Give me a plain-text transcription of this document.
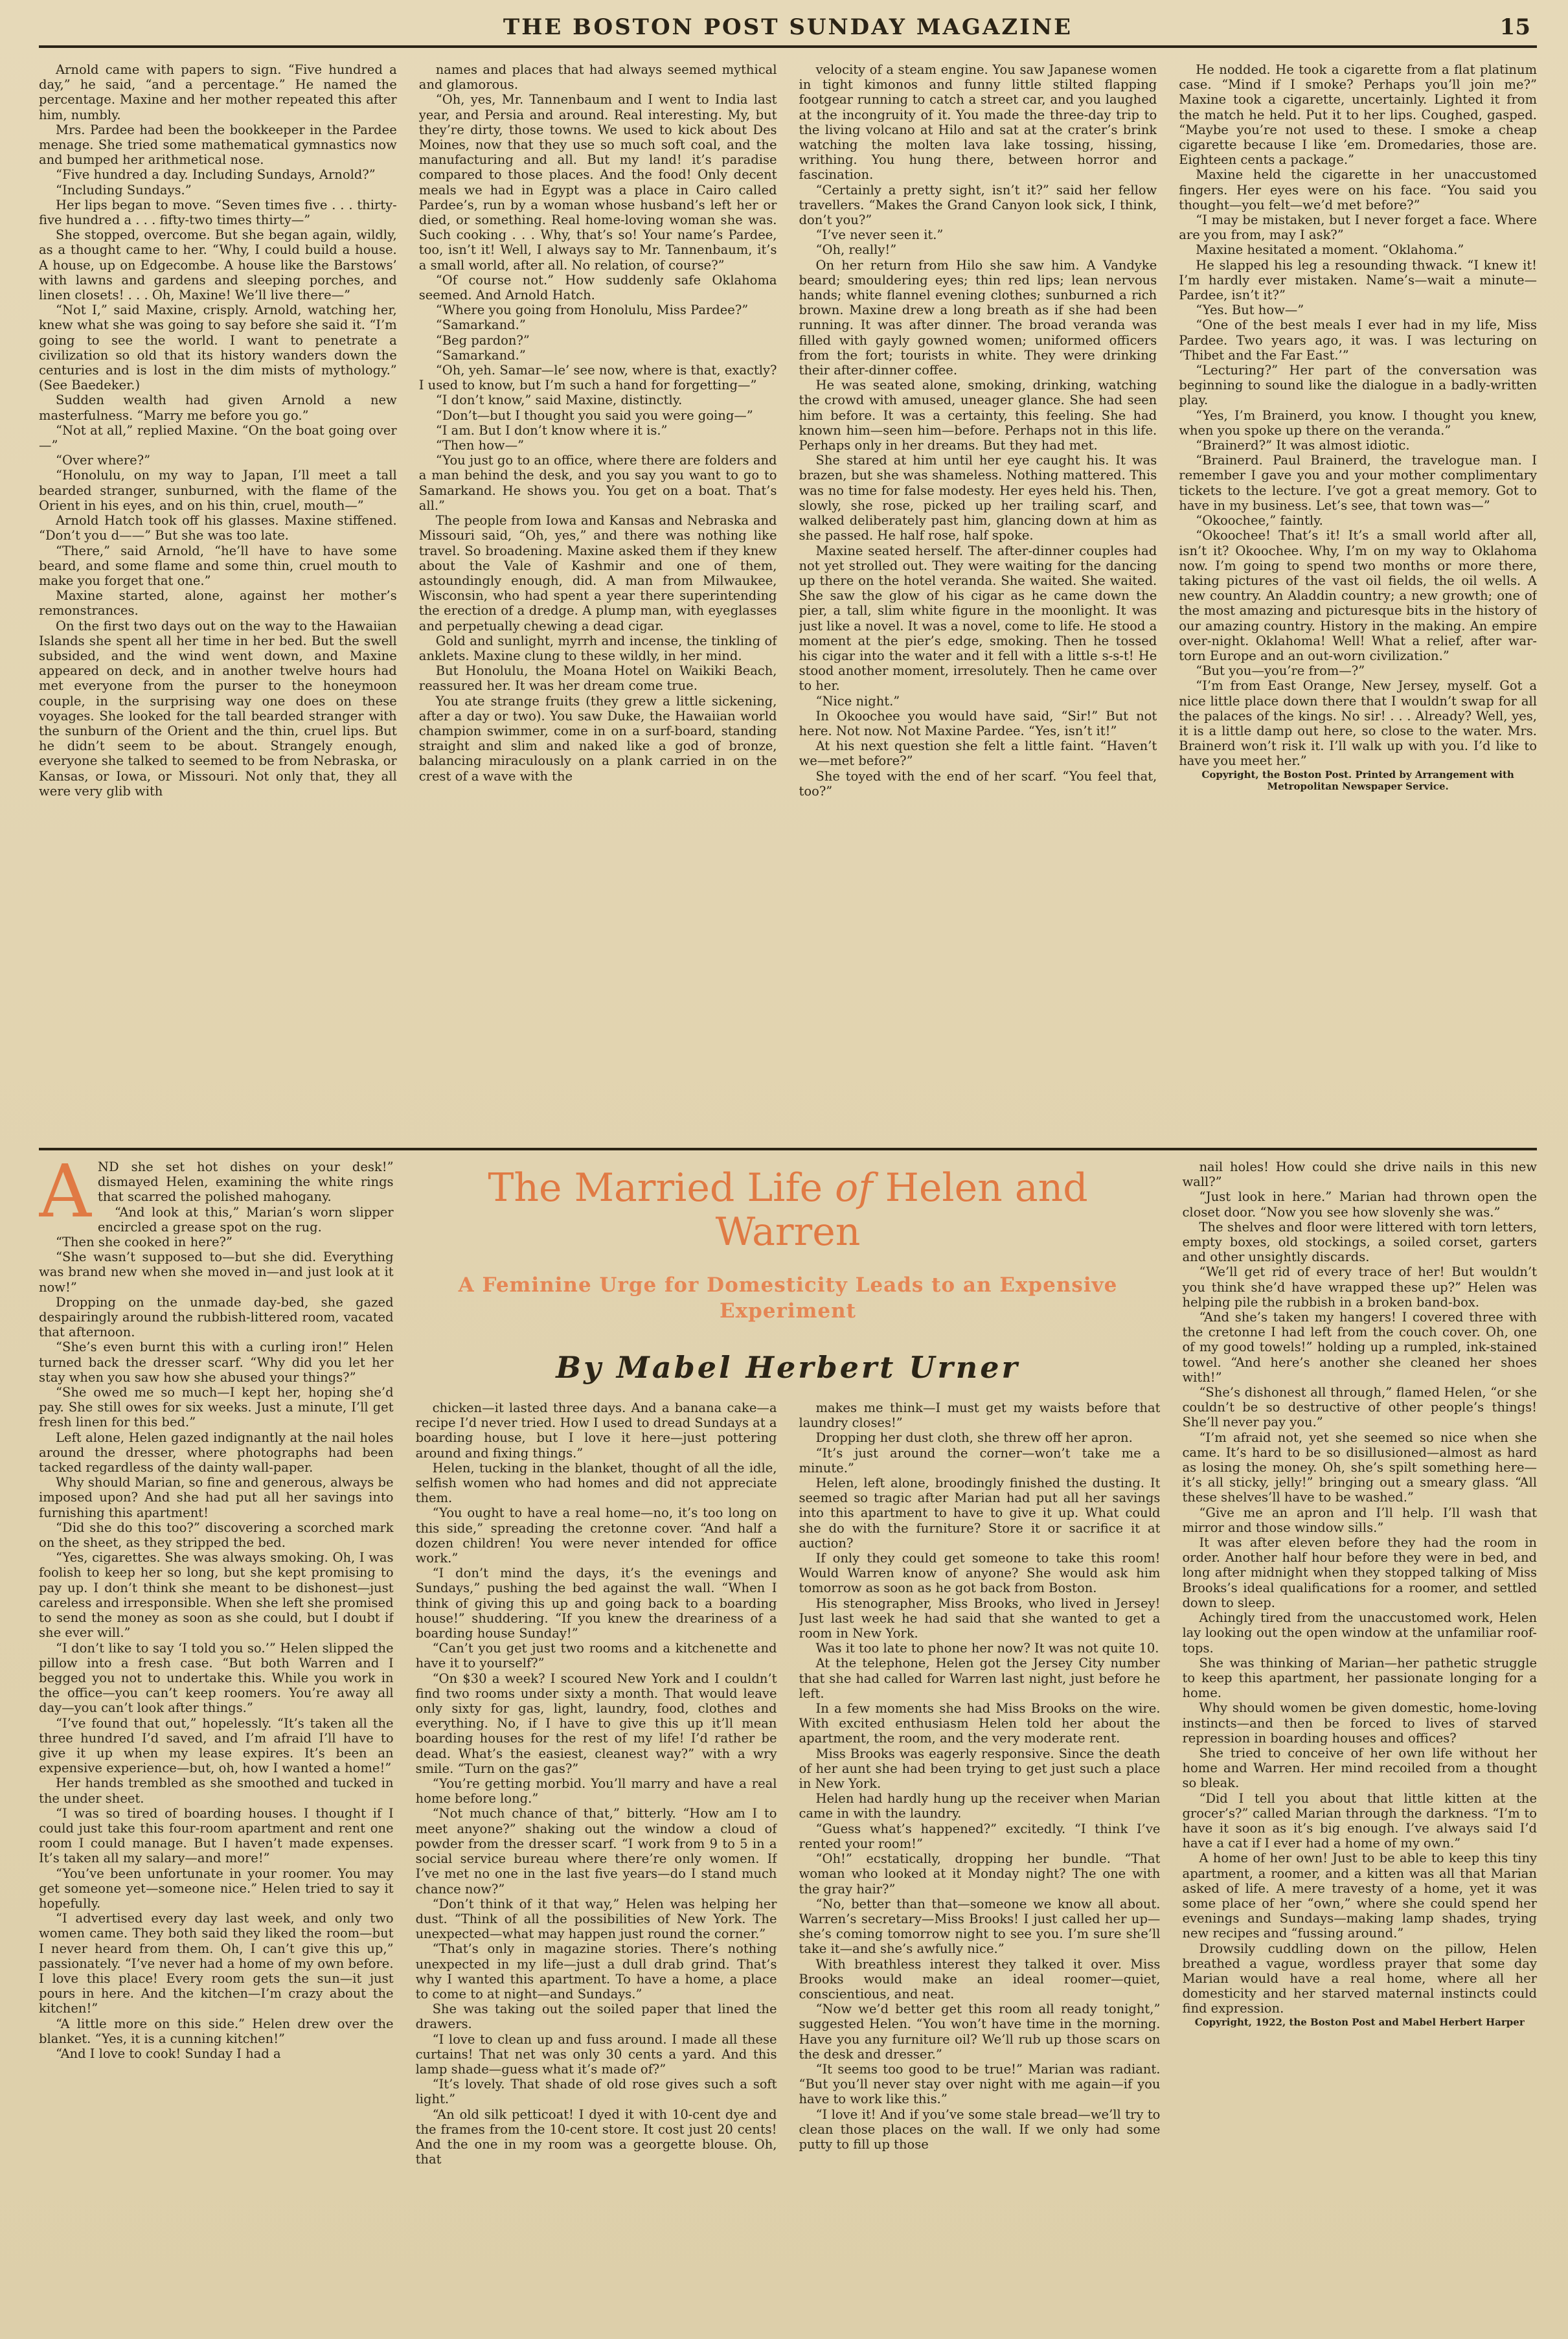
THE BOSTON POST SUNDAY MAGAZINE	15

Arnold came with papers to sign. “Five hundred a day,” he said, “and a percentage.” He named the percentage. Maxine and her mother repeated this after him, numbly.

Mrs. Pardee had been the bookkeeper in the Pardee menage. She tried some mathematical gymnastics now and bumped her arithmetical nose.

“Five hundred a day. Including Sundays, Arnold?”

“Including Sundays.”

Her lips began to move. “Seven times five . . . thirty-five hundred a . . . fifty-two times thirty—”

She stopped, overcome. But she began again, wildly, as a thought came to her. “Why, I could build a house. A house, up on Edgecombe. A house like the Barstows’ with lawns and gardens and sleeping porches, and linen closets! . . . Oh, Maxine! We’ll live there—”

“Not I,” said Maxine, crisply. Arnold, watching her, knew what she was going to say before she said it. “I’m going to see the world. I want to penetrate a civilization so old that its history wanders down the centuries and is lost in the dim mists of mythology.” (See Baedeker.)

Sudden wealth had given Arnold a new masterfulness. “Marry me before you go.”

“Not at all,” replied Maxine. “On the boat going over—”

“Over where?”

“Honolulu, on my way to Japan, I’ll meet a tall bearded stranger, sunburned, with the flame of the Orient in his eyes, and on his thin, cruel, mouth—”

Arnold Hatch took off his glasses. Maxine stiffened. “Don’t you d——” But she was too late.

“There,” said Arnold, “he’ll have to have some beard, and some flame and some thin, cruel mouth to make you forget that one.”

Maxine started, alone, against her mother’s remonstrances.

On the first two days out on the way to the Hawaiian Islands she spent all her time in her bed. But the swell subsided, and the wind went down, and Maxine appeared on deck, and in another twelve hours had met everyone from the purser to the honeymoon couple, in the surprising way one does on these voyages. She looked for the tall bearded stranger with the sunburn of the Orient and the thin, cruel lips. But he didn’t seem to be about. Strangely enough, everyone she talked to seemed to be from Nebraska, or Kansas, or Iowa, or Missouri. Not only that, they all were very glib with

names and places that had always seemed mythical and glamorous.

“Oh, yes, Mr. Tannenbaum and I went to India last year, and Persia and around. Real interesting. My, but they’re dirty, those towns. We used to kick about Des Moines, now that they use so much soft coal, and the manufacturing and all. But my land! it’s paradise compared to those places. And the food! Only decent meals we had in Egypt was a place in Cairo called Pardee’s, run by a woman whose husband’s left her or died, or something. Real home-loving woman she was. Such cooking . . . Why, that’s so! Your name’s Pardee, too, isn’t it! Well, I always say to Mr. Tannenbaum, it’s a small world, after all. No relation, of course?”

“Of course not.” How suddenly safe Oklahoma seemed. And Arnold Hatch.

“Where you going from Honolulu, Miss Pardee?”

“Samarkand.”

“Beg pardon?”

“Samarkand.”

“Oh, yeh. Samar—le’ see now, where is that, exactly? I used to know, but I’m such a hand for forgetting—”

“I don’t know,” said Maxine, distinctly.

“Don’t—but I thought you said you were going—”

“I am. But I don’t know where it is.”

“Then how—”

“You just go to an office, where there are folders and a man behind the desk, and you say you want to go to Samarkand. He shows you. You get on a boat. That’s all.”

The people from Iowa and Kansas and Nebraska and Missouri said, “Oh, yes,” and there was nothing like travel. So broadening. Maxine asked them if they knew about the Vale of Kashmir and one of them, astoundingly enough, did. A man from Milwaukee, Wisconsin, who had spent a year there superintending the erection of a dredge. A plump man, with eyeglasses and perpetually chewing a dead cigar.

Gold and sunlight, myrrh and incense, the tinkling of anklets. Maxine clung to these wildly, in her mind.

But Honolulu, the Moana Hotel on Waikiki Beach, reassured her. It was her dream come true.

You ate strange fruits (they grew a little sickening, after a day or two). You saw Duke, the Hawaiian world champion swimmer, come in on a surf-board, standing straight and slim and naked like a god of bronze, balancing miraculously on a plank carried in on the crest of a wave with the

velocity of a steam engine. You saw Japanese women in tight kimonos and funny little stilted flapping footgear running to catch a street car, and you laughed at the incongruity of it. You made the three-day trip to the living volcano at Hilo and sat at the crater’s brink watching the molten lava lake tossing, hissing, writhing. You hung there, between horror and fascination.

“Certainly a pretty sight, isn’t it?” said her fellow travellers. “Makes the Grand Canyon look sick, I think, don’t you?”

“I’ve never seen it.”

“Oh, really!”

On her return from Hilo she saw him. A Vandyke beard; smouldering eyes; thin red lips; lean nervous hands; white flannel evening clothes; sunburned a rich brown. Maxine drew a long breath as if she had been running. It was after dinner. The broad veranda was filled with gayly gowned women; uniformed officers from the fort; tourists in white. They were drinking their after-dinner coffee.

He was seated alone, smoking, drinking, watching the crowd with amused, uneager glance. She had seen him before. It was a certainty, this feeling. She had known him—seen him—before. Perhaps not in this life. Perhaps only in her dreams. But they had met.

She stared at him until her eye caught his. It was brazen, but she was shameless. Nothing mattered. This was no time for false modesty. Her eyes held his. Then, slowly, she rose, picked up her trailing scarf, and walked deliberately past him, glancing down at him as she passed. He half rose, half spoke.

Maxine seated herself. The after-dinner couples had not yet strolled out. They were waiting for the dancing up there on the hotel veranda. She waited. She waited. She saw the glow of his cigar as he came down the pier, a tall, slim white figure in the moonlight. It was just like a novel. It was a novel, come to life. He stood a moment at the pier’s edge, smoking. Then he tossed his cigar into the water and it fell with a little s-s-t! He stood another moment, irresolutely. Then he came over to her.

“Nice night.”

In Okoochee you would have said, “Sir!” But not here. Not now. Not Maxine Pardee. “Yes, isn’t it!”

At his next question she felt a little faint. “Haven’t we—met before?”

She toyed with the end of her scarf. “You feel that, too?”

He nodded. He took a cigarette from a flat platinum case. “Mind if I smoke? Perhaps you’ll join me?” Maxine took a cigarette, uncertainly. Lighted it from the match he held. Put it to her lips. Coughed, gasped. “Maybe you’re not used to these. I smoke a cheap cigarette because I like ’em. Dromedaries, those are. Eighteen cents a package.”

Maxine held the cigarette in her unaccustomed fingers. Her eyes were on his face. “You said you thought—you felt—we’d met before?”

“I may be mistaken, but I never forget a face. Where are you from, may I ask?”

Maxine hesitated a moment. “Oklahoma.”

He slapped his leg a resounding thwack. “I knew it! I’m hardly ever mistaken. Name’s—wait a minute—Pardee, isn’t it?”

“Yes. But how—”

“One of the best meals I ever had in my life, Miss Pardee. Two years ago, it was. I was lecturing on ‘Thibet and the Far East.’”

“Lecturing?” Her part of the conversation was beginning to sound like the dialogue in a badly-written play.

“Yes, I’m Brainerd, you know. I thought you knew, when you spoke up there on the veranda.”

“Brainerd?” It was almost idiotic.

“Brainerd. Paul Brainerd, the travelogue man. I remember I gave you and your mother complimentary tickets to the lecture. I’ve got a great memory. Got to have in my business. Let’s see, that town was—”

“Okoochee,” faintly.

“Okoochee! That’s it! It’s a small world after all, isn’t it? Okoochee. Why, I’m on my way to Oklahoma now. I’m going to spend two months or more there, taking pictures of the vast oil fields, the oil wells. A new country. An Aladdin country; a new growth; one of the most amazing and picturesque bits in the history of our amazing country. History in the making. An empire over-night. Oklahoma! Well! What a relief, after war-torn Europe and an out-worn civilization.”

“But you—you’re from—?”

“I’m from East Orange, New Jersey, myself. Got a nice little place down there that I wouldn’t swap for all the palaces of the kings. No sir! . . . Already? Well, yes, it is a little damp out here, so close to the water. Mrs. Brainerd won’t risk it. I’ll walk up with you. I’d like to have you meet her.”

Copyright, the Boston Post. Printed by Arrangement with Metropolitan Newspaper Service.

AND she set hot dishes on your desk!” dismayed Helen, examining the white rings that scarred the polished mahogany.

“And look at this,” Marian’s worn slipper encircled a grease spot on the rug.

“Then she cooked in here?”

“She wasn’t supposed to—but she did. Everything was brand new when she moved in—and just look at it now!”

Dropping on the unmade day-bed, she gazed despairingly around the rubbish-littered room, vacated that afternoon.

“She’s even burnt this with a curling iron!” Helen turned back the dresser scarf. “Why did you let her stay when you saw how she abused your things?”

“She owed me so much—I kept her, hoping she’d pay. She still owes for six weeks. Just a minute, I’ll get fresh linen for this bed.”

Left alone, Helen gazed indignantly at the nail holes around the dresser, where photographs had been tacked regardless of the dainty wall-paper.

Why should Marian, so fine and generous, always be imposed upon? And she had put all her savings into furnishing this apartment!

“Did she do this too?” discovering a scorched mark on the sheet, as they stripped the bed.

“Yes, cigarettes. She was always smoking. Oh, I was foolish to keep her so long, but she kept promising to pay up. I don’t think she meant to be dishonest—just careless and irresponsible. When she left she promised to send the money as soon as she could, but I doubt if she ever will.”

“I don’t like to say ‘I told you so.’” Helen slipped the pillow into a fresh case. “But both Warren and I begged you not to undertake this. While you work in the office—you can’t keep roomers. You’re away all day—you can’t look after things.”

“I’ve found that out,” hopelessly. “It’s taken all the three hundred I’d saved, and I’m afraid I’ll have to give it up when my lease expires. It’s been an expensive experience—but, oh, how I wanted a home!”

Her hands trembled as she smoothed and tucked in the under sheet.

“I was so tired of boarding houses. I thought if I could just take this four-room apartment and rent one room I could manage. But I haven’t made expenses. It’s taken all my salary—and more!”

“You’ve been unfortunate in your roomer. You may get someone yet—someone nice.” Helen tried to say it hopefully.

“I advertised every day last week, and only two women came. They both said they liked the room—but I never heard from them. Oh, I can’t give this up,” passionately. “I’ve never had a home of my own before. I love this place! Every room gets the sun—it just pours in here. And the kitchen—I’m crazy about the kitchen!”

“A little more on this side.” Helen drew over the blanket. “Yes, it is a cunning kitchen!”

“And I love to cook! Sunday I had a

The Married Life of Helen and Warren
A Feminine Urge for Domesticity Leads to an Expensive Experiment
By Mabel Herbert Urner

chicken—it lasted three days. And a banana cake—a recipe I’d never tried. How I used to dread Sundays at a boarding house, but I love it here—just pottering around and fixing things.”

Helen, tucking in the blanket, thought of all the idle, selfish women who had homes and did not appreciate them.

“You ought to have a real home—no, it’s too long on this side,” spreading the cretonne cover. “And half a dozen children! You were never intended for office work.”

“I don’t mind the days, it’s the evenings and Sundays,” pushing the bed against the wall. “When I think of giving this up and going back to a boarding house!” shuddering. “If you knew the dreariness of a boarding house Sunday!”

“Can’t you get just two rooms and a kitchenette and have it to yourself?”

“On $30 a week? I scoured New York and I couldn’t find two rooms under sixty a month. That would leave only sixty for gas, light, laundry, food, clothes and everything. No, if I have to give this up it’ll mean boarding houses for the rest of my life! I’d rather be dead. What’s the easiest, cleanest way?” with a wry smile. “Turn on the gas?”

“You’re getting morbid. You’ll marry and have a real home before long.”

“Not much chance of that,” bitterly. “How am I to meet anyone?” shaking out the window a cloud of powder from the dresser scarf. “I work from 9 to 5 in a social service bureau where there’re only women. If I’ve met no one in the last five years—do I stand much chance now?”

“Don’t think of it that way,” Helen was helping her dust. “Think of all the possibilities of New York. The unexpected—what may happen just round the corner.”

“That’s only in magazine stories. There’s nothing unexpected in my life—just a dull drab grind. That’s why I wanted this apartment. To have a home, a place to come to at night—and Sundays.”

She was taking out the soiled paper that lined the drawers.

“I love to clean up and fuss around. I made all these curtains! That net was only 30 cents a yard. And this lamp shade—guess what it’s made of?”

“It’s lovely. That shade of old rose gives such a soft light.”

“An old silk petticoat! I dyed it with 10-cent dye and the frames from the 10-cent store. It cost just 20 cents! And the one in my room was a georgette blouse. Oh, that

makes me think—I must get my waists before that laundry closes!”

Dropping her dust cloth, she threw off her apron.

“It’s just around the corner—won’t take me a minute.”

Helen, left alone, broodingly finished the dusting. It seemed so tragic after Marian had put all her savings into this apartment to have to give it up. What could she do with the furniture? Store it or sacrifice it at auction?

If only they could get someone to take this room! Would Warren know of anyone? She would ask him tomorrow as soon as he got back from Boston.

His stenographer, Miss Brooks, who lived in Jersey! Just last week he had said that she wanted to get a room in New York.

Was it too late to phone her now? It was not quite 10.

At the telephone, Helen got the Jersey City number that she had called for Warren last night, just before he left.

In a few moments she had Miss Brooks on the wire. With excited enthusiasm Helen told her about the apartment, the room, and the very moderate rent.

Miss Brooks was eagerly responsive. Since the death of her aunt she had been trying to get just such a place in New York.

Helen had hardly hung up the receiver when Marian came in with the laundry.

“Guess what’s happened?” excitedly. “I think I’ve rented your room!”

“Oh!” ecstatically, dropping her bundle. “That woman who looked at it Monday night? The one with the gray hair?”

“No, better than that—someone we know all about. Warren’s secretary—Miss Brooks! I just called her up—she’s coming tomorrow night to see you. I’m sure she’ll take it—and she’s awfully nice.”

With breathless interest they talked it over. Miss Brooks would make an ideal roomer—quiet, conscientious, and neat.

“Now we’d better get this room all ready tonight,” suggested Helen. “You won’t have time in the morning. Have you any furniture oil? We’ll rub up those scars on the desk and dresser.”

“It seems too good to be true!” Marian was radiant. “But you’ll never stay over night with me again—if you have to work like this.”

“I love it! And if you’ve some stale bread—we’ll try to clean those places on the wall. If we only had some putty to fill up those

nail holes! How could she drive nails in this new wall?”

“Just look in here.” Marian had thrown open the closet door. “Now you see how slovenly she was.”

The shelves and floor were littered with torn letters, empty boxes, old stockings, a soiled corset, garters and other unsightly discards.

“We’ll get rid of every trace of her! But wouldn’t you think she’d have wrapped these up?” Helen was helping pile the rubbish in a broken band-box.

“And she’s taken my hangers! I covered three with the cretonne I had left from the couch cover. Oh, one of my good towels!” holding up a rumpled, ink-stained towel. “And here’s another she cleaned her shoes with!”

“She’s dishonest all through,” flamed Helen, “or she couldn’t be so destructive of other people’s things! She’ll never pay you.”

“I’m afraid not, yet she seemed so nice when she came. It’s hard to be so disillusioned—almost as hard as losing the money. Oh, she’s spilt something here—it’s all sticky, jelly!” bringing out a smeary glass. “All these shelves’ll have to be washed.”

“Give me an apron and I’ll help. I’ll wash that mirror and those window sills.”

It was after eleven before they had the room in order. Another half hour before they were in bed, and long after midnight when they stopped talking of Miss Brooks’s ideal qualifications for a roomer, and settled down to sleep.

Achingly tired from the unaccustomed work, Helen lay looking out the open window at the unfamiliar roof-tops.

She was thinking of Marian—her pathetic struggle to keep this apartment, her passionate longing for a home.

Why should women be given domestic, home-loving instincts—and then be forced to lives of starved repression in boarding houses and offices?

She tried to conceive of her own life without her home and Warren. Her mind recoiled from a thought so bleak.

“Did I tell you about that little kitten at the grocer’s?” called Marian through the darkness. “I’m to have it soon as it’s big enough. I’ve always said I’d have a cat if I ever had a home of my own.”

A home of her own! Just to be able to keep this tiny apartment, a roomer, and a kitten was all that Marian asked of life. A mere travesty of a home, yet it was some place of her “own,” where she could spend her evenings and Sundays—making lamp shades, trying new recipes and “fussing around.”

Drowsily cuddling down on the pillow, Helen breathed a vague, wordless prayer that some day Marian would have a real home, where all her domesticity and her starved maternal instincts could find expression.

Copyright, 1922, the Boston Post and Mabel Herbert Harper
